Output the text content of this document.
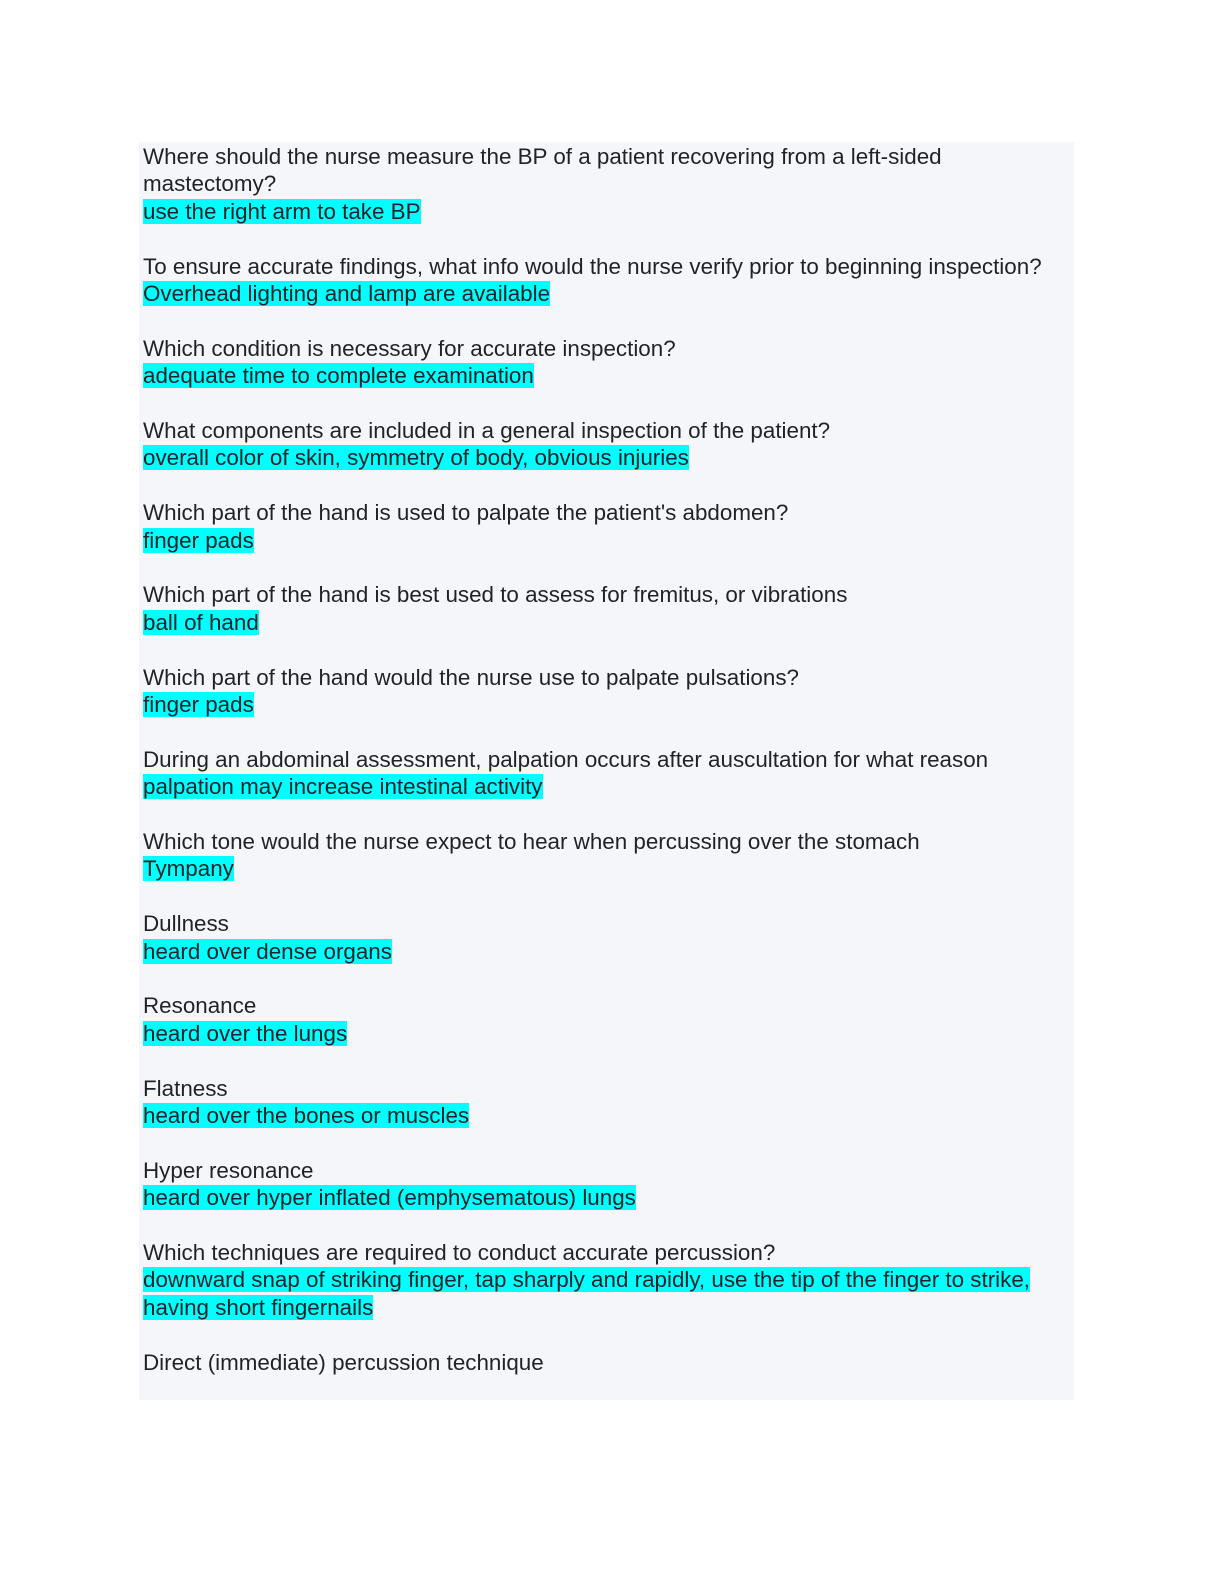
Where should the nurse measure the BP of a patient recovering from a left-sided mastectomy?
use the right arm to take BP
To ensure accurate findings, what info would the nurse verify prior to beginning inspection?
Overhead lighting and lamp are available
Which condition is necessary for accurate inspection?
adequate time to complete examination
What components are included in a general inspection of the patient?
overall color of skin, symmetry of body, obvious injuries
Which part of the hand is used to palpate the patient's abdomen?
finger pads
Which part of the hand is best used to assess for fremitus, or vibrations
ball of hand
Which part of the hand would the nurse use to palpate pulsations?
finger pads
During an abdominal assessment, palpation occurs after auscultation for what reason
palpation may increase intestinal activity
Which tone would the nurse expect to hear when percussing over the stomach
Tympany
Dullness
heard over dense organs
Resonance
heard over the lungs
Flatness
heard over the bones or muscles
Hyper resonance
heard over hyper inflated (emphysematous) lungs
Which techniques are required to conduct accurate percussion?
downward snap of striking finger, tap sharply and rapidly, use the tip of the finger to strike, having short fingernails
Direct (immediate) percussion technique
